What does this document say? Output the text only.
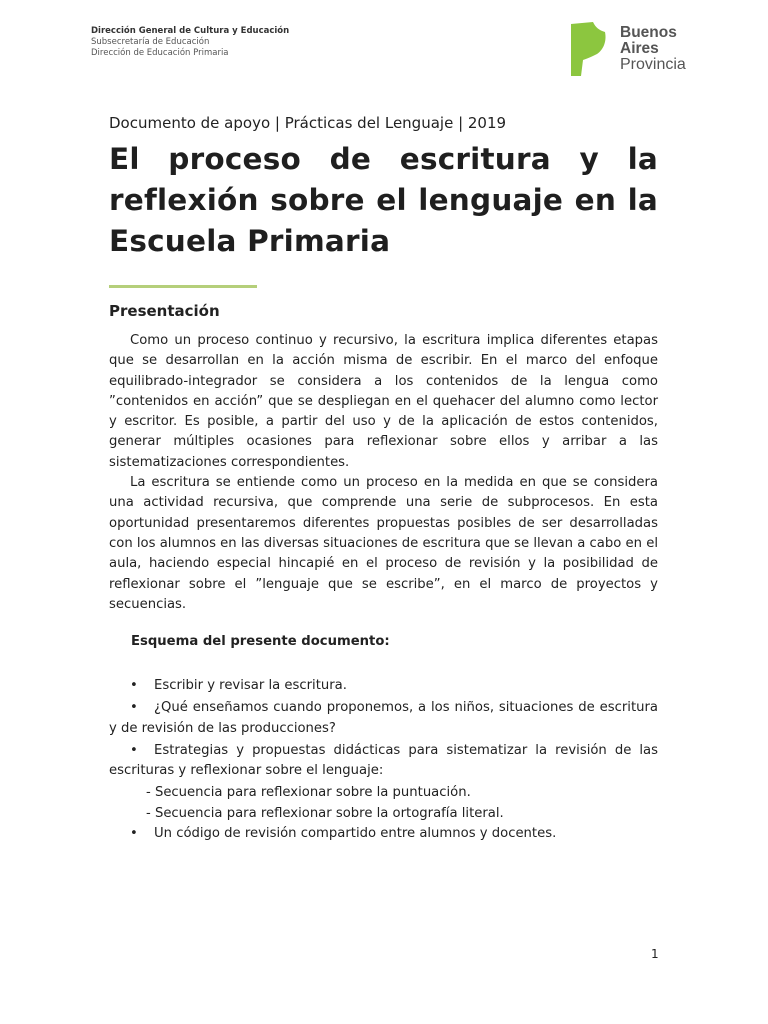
Dirección General de Cultura y Educación
Subsecretaría de Educación
Dirección de Educación Primaria
Buenos
Aires
Provincia
Documento de apoyo | Prácticas del Lenguaje | 2019
El proceso de escritura y la reflexión sobre el lenguaje en la Escuela Primaria
Presentación

Como un proceso continuo y recursivo, la escritura implica diferentes etapas que se desarrollan en la acción misma de escribir. En el marco del enfoque equilibrado-integrador se considera a los contenidos de la lengua como ”contenidos en acción” que se despliegan en el quehacer del alumno como lector y escritor. Es posible, a partir del uso y de la aplicación de estos contenidos, generar múltiples ocasiones para reflexionar sobre ellos y arribar a las sistematizaciones correspondientes.

La escritura se entiende como un proceso en la medida en que se considera una actividad recursiva, que comprende una serie de subprocesos. En esta oportunidad presentaremos diferentes propuestas posibles de ser desarrolladas con los alumnos en las diversas situaciones de escritura que se llevan a cabo en el aula, haciendo especial hincapié en el proceso de revisión y la posibilidad de reflexionar sobre el ”lenguaje que se escribe”, en el marco de proyectos y secuencias.

Esquema del presente documento:
• Escribir y revisar la escritura.
• ¿Qué enseñamos cuando proponemos, a los niños, situaciones de escritura y de revisión de las producciones?
• Estrategias y propuestas didácticas para sistematizar la revisión de las escrituras y reflexionar sobre el lenguaje:
- Secuencia para reflexionar sobre la puntuación.
- Secuencia para reflexionar sobre la ortografía literal.
• Un código de revisión compartido entre alumnos y docentes.
1
